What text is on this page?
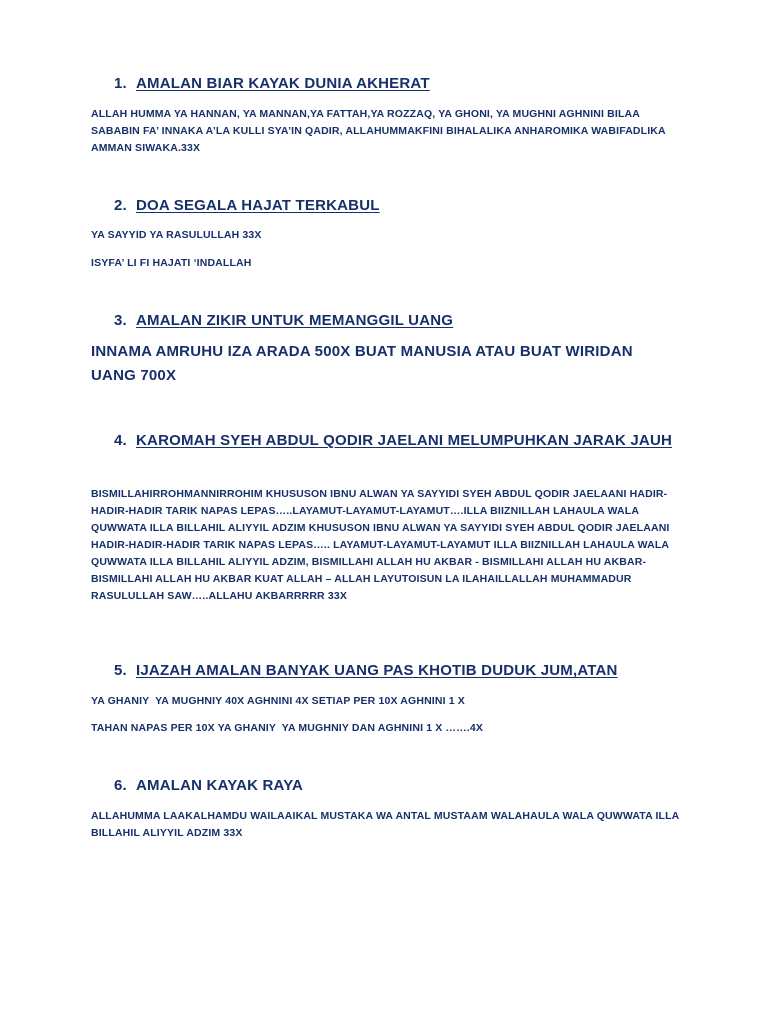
1. AMALAN BIAR KAYAK DUNIA AKHERAT
ALLAH HUMMA YA HANNAN, YA MANNAN,YA FATTAH,YA ROZZAQ, YA GHONI, YA MUGHNI AGHNINI BILAA SABABIN FA’ INNAKA A’LA KULLI SYA’IN QADIR, ALLAHUMMAKFINI BIHALALIKA ANHAROMIKA WABIFADLIKA AMMAN SIWAKA.33X
2. DOA SEGALA HAJAT TERKABUL
YA SAYYID YA RASULULLAH 33X
ISYFA’ LI FI HAJATI ‘INDALLAH
3. AMALAN ZIKIR UNTUK MEMANGGIL UANG
INNAMA AMRUHU IZA ARADA 500X BUAT MANUSIA ATAU BUAT WIRIDAN UANG 700X
4. KAROMAH SYEH ABDUL QODIR JAELANI MELUMPUHKAN JARAK JAUH
BISMILLAHIRROHMANNIRROHIM KHUSUSON IBNU ALWAN YA SAYYIDI SYEH ABDUL QODIR JAELAANI HADIR-HADIR-HADIR TARIK NAPAS LEPAS…..LAYAMUT-LAYAMUT-LAYAMUT….ILLA BIIZNILLAH LAHAULA WALA QUWWATA ILLA BILLAHIL ALIYYIL ADZIM KHUSUSON IBNU ALWAN YA SAYYIDI SYEH ABDUL QODIR JAELAANI HADIR-HADIR-HADIR TARIK NAPAS LEPAS….. LAYAMUT-LAYAMUT-LAYAMUT ILLA BIIZNILLAH LAHAULA WALA QUWWATA ILLA BILLAHIL ALIYYIL ADZIM, BISMILLAHI ALLAH HU AKBAR - BISMILLAHI ALLAH HU AKBAR-BISMILLAHI ALLAH HU AKBAR KUAT ALLAH – ALLAH LAYUTOISUN LA ILAHAILLALLAH MUHAMMADUR RASULULLAH SAW…..ALLAHU AKBARRRRR 33X
5. IJAZAH AMALAN BANYAK UANG PAS KHOTIB DUDUK JUM,ATAN
YA GHANIY  YA MUGHNIY 40X AGHNINI 4X SETIAP PER 10X AGHNINI 1 X
TAHAN NAPAS PER 10X YA GHANIY  YA MUGHNIY DAN AGHNINI 1 X …….4X
6. AMALAN KAYAK RAYA
ALLAHUMMA LAAKALHAMDU WAILAAIKAL MUSTAKA WA ANTAL MUSTAAM WALAHAULA WALA QUWWATA ILLA BILLAHIL ALIYYIL ADZIM 33X
